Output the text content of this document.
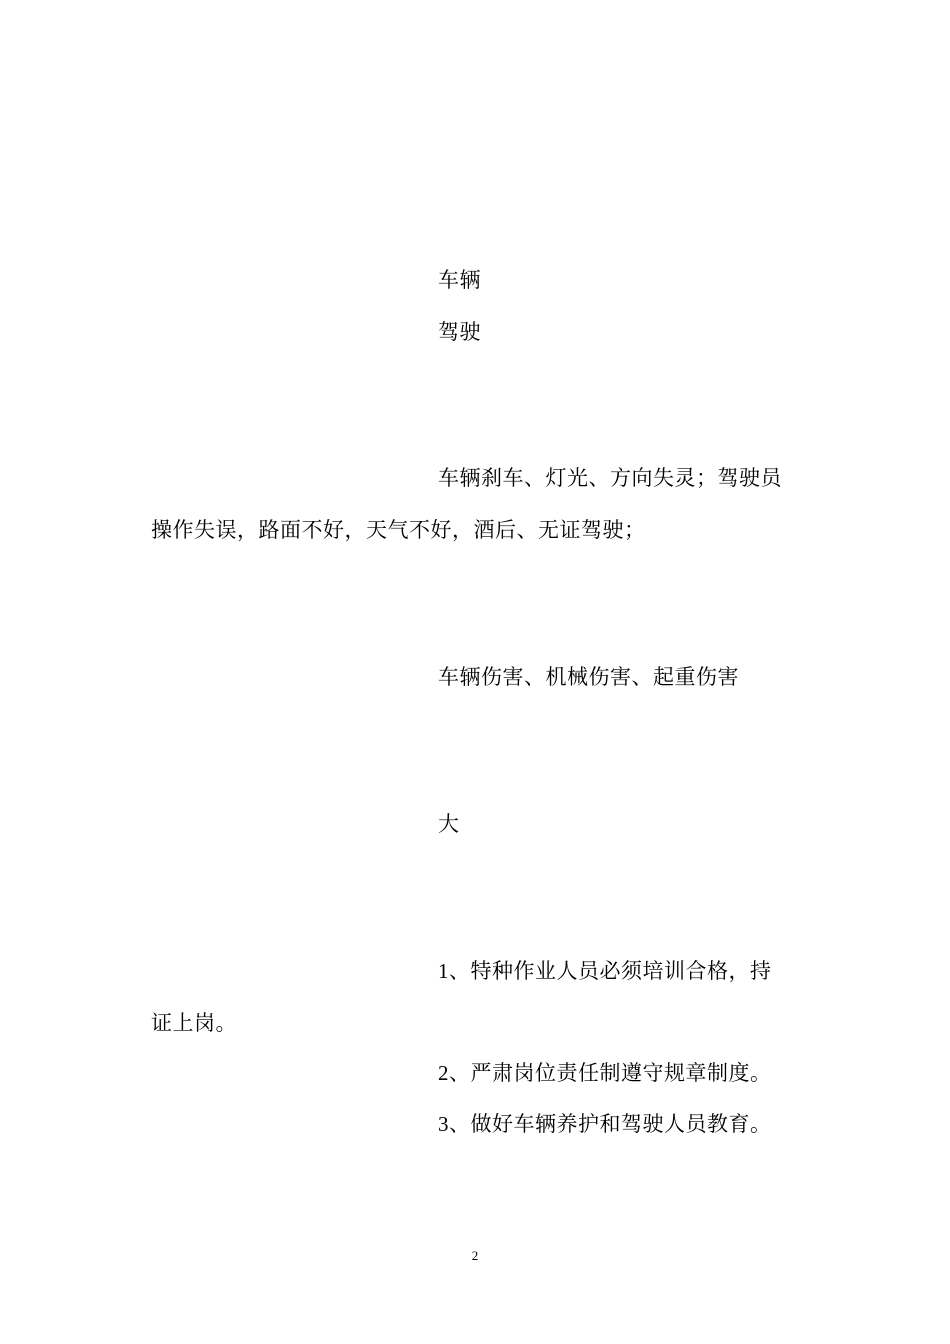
车辆
驾驶
车辆刹车、灯光、方向失灵；驾驶员
操作失误，路面不好，天气不好，酒后、无证驾驶；
车辆伤害、机械伤害、起重伤害
大
1、特种作业人员必须培训合格，持
证上岗。
2、严肃岗位责任制遵守规章制度。
3、做好车辆养护和驾驶人员教育。
2
